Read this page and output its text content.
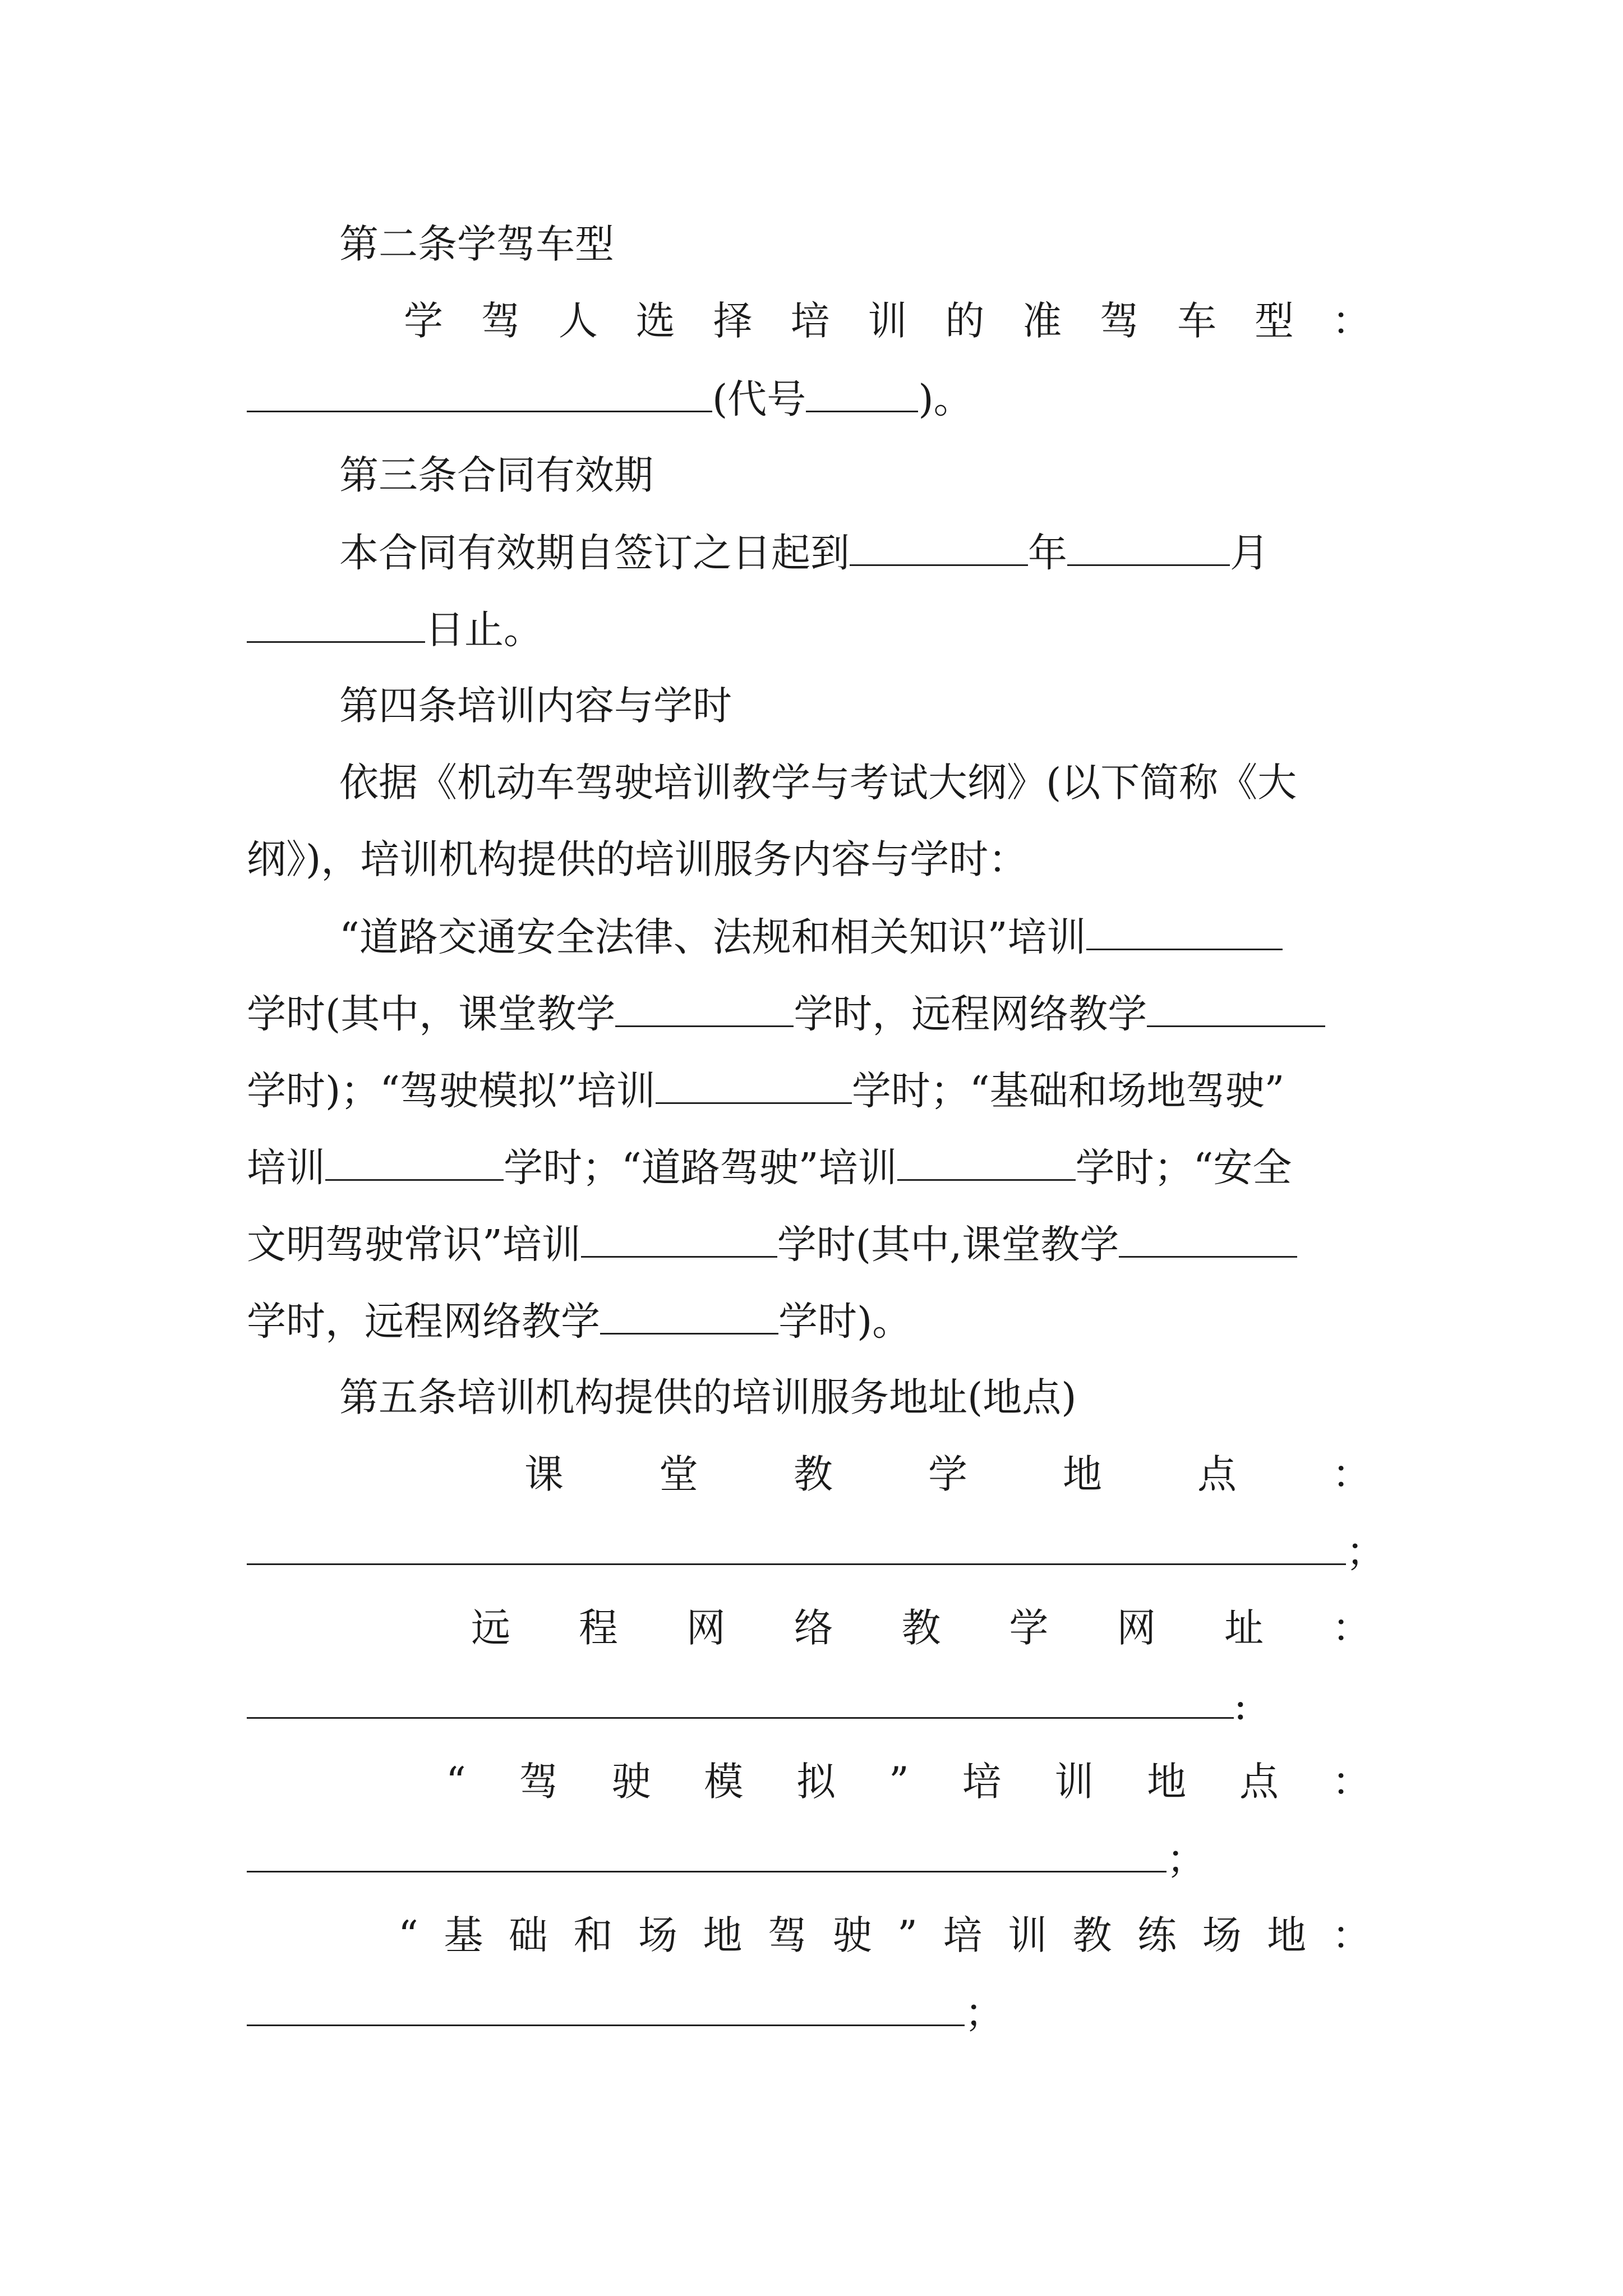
第二条学驾车型
学 驾 人 选 择 培 训 的 准 驾 车 型 ：
(代号	)。
第三条合同有效期
本合同有效期自签订之日起到	年	月
日止。
第四条培训内容与学时
依据《机动车驾驶培训教学与考试大纲》(以下简称《大
纲》)，培训机构提供的培训服务内容与学时：
“道路交通安全法律、法规和相关知识”培训
学时(其中，课堂教学	学时，远程网络教学
学时)；“驾驶模拟”培训	学时；“基础和场地驾驶”
培训	学时；“道路驾驶”培训	学时；“安全
文明驾驶常识”培训	学时(其中,课堂教学
学时，远程网络教学	学时)。
第五条培训机构提供的培训服务地址(地点)
课 堂 教 学 地 点 ：
；
远 程 网 络 教 学 网 址 ：
:
“ 驾 驶 模 拟 ” 培 训 地 点 ：
；
“ 基 础 和 场 地 驾 驶 ” 培 训 教 练 场 地 ：
；
